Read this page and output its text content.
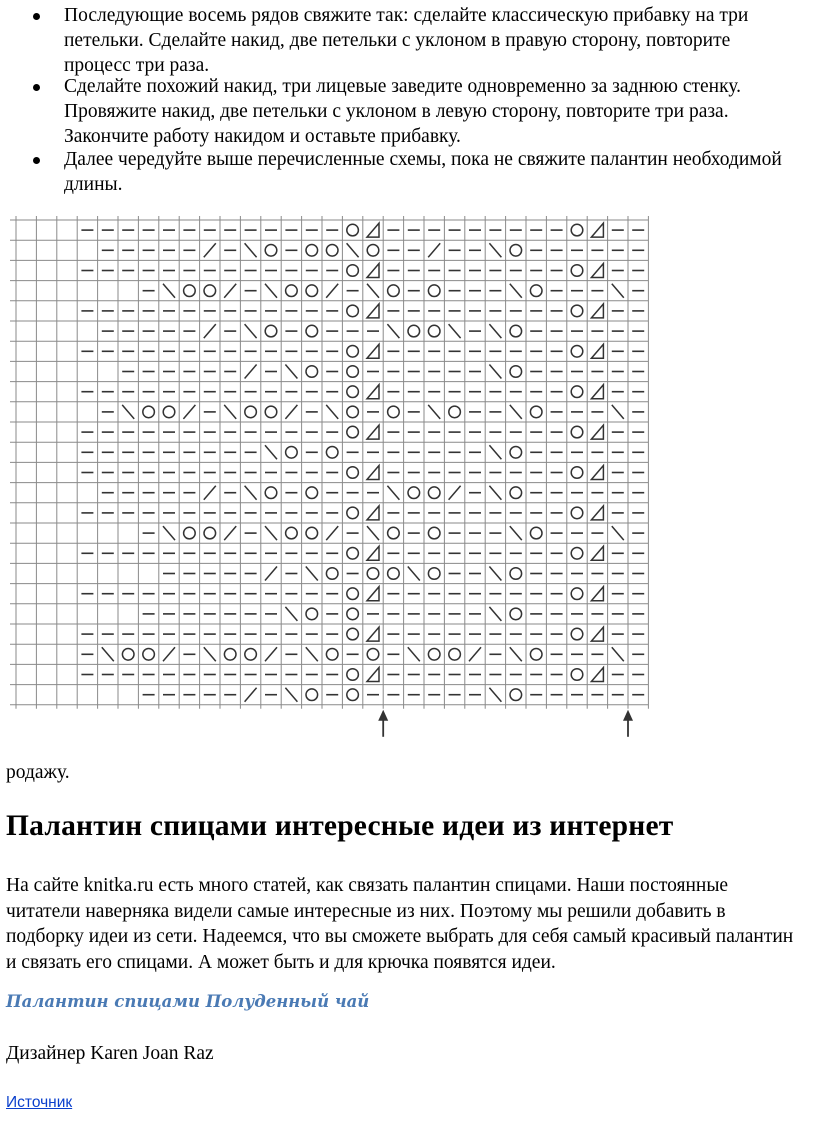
Последующие восемь рядов свяжите так: сделайте классическую прибавку на три петельки. Сделайте накид, две петельки с уклоном в правую сторону, повторите процесс три раза.
Сделайте похожий накид, три лицевые заведите одновременно за заднюю стенку. Провяжите накид, две петельки с уклоном в левую сторону, повторите три раза. Закончите работу накидом и оставьте прибавку.
Далее чередуйте выше перечисленные схемы, пока не свяжите палантин необходимой длины.
родажу.
Палантин спицами интересные идеи из интернет

На сайте knitka.ru есть много статей, как связать палантин спицами. Наши постоянные читатели наверняка видели самые интересные из них. Поэтому мы решили добавить в подборку идеи из сети. Надеемся, что вы сможете выбрать для себя самый красивый палантин и связать его спицами. А может быть и для крючка появятся идеи.

Палантин спицами Полуденный чай
Дизайнер Karen Joan Raz
Источник
